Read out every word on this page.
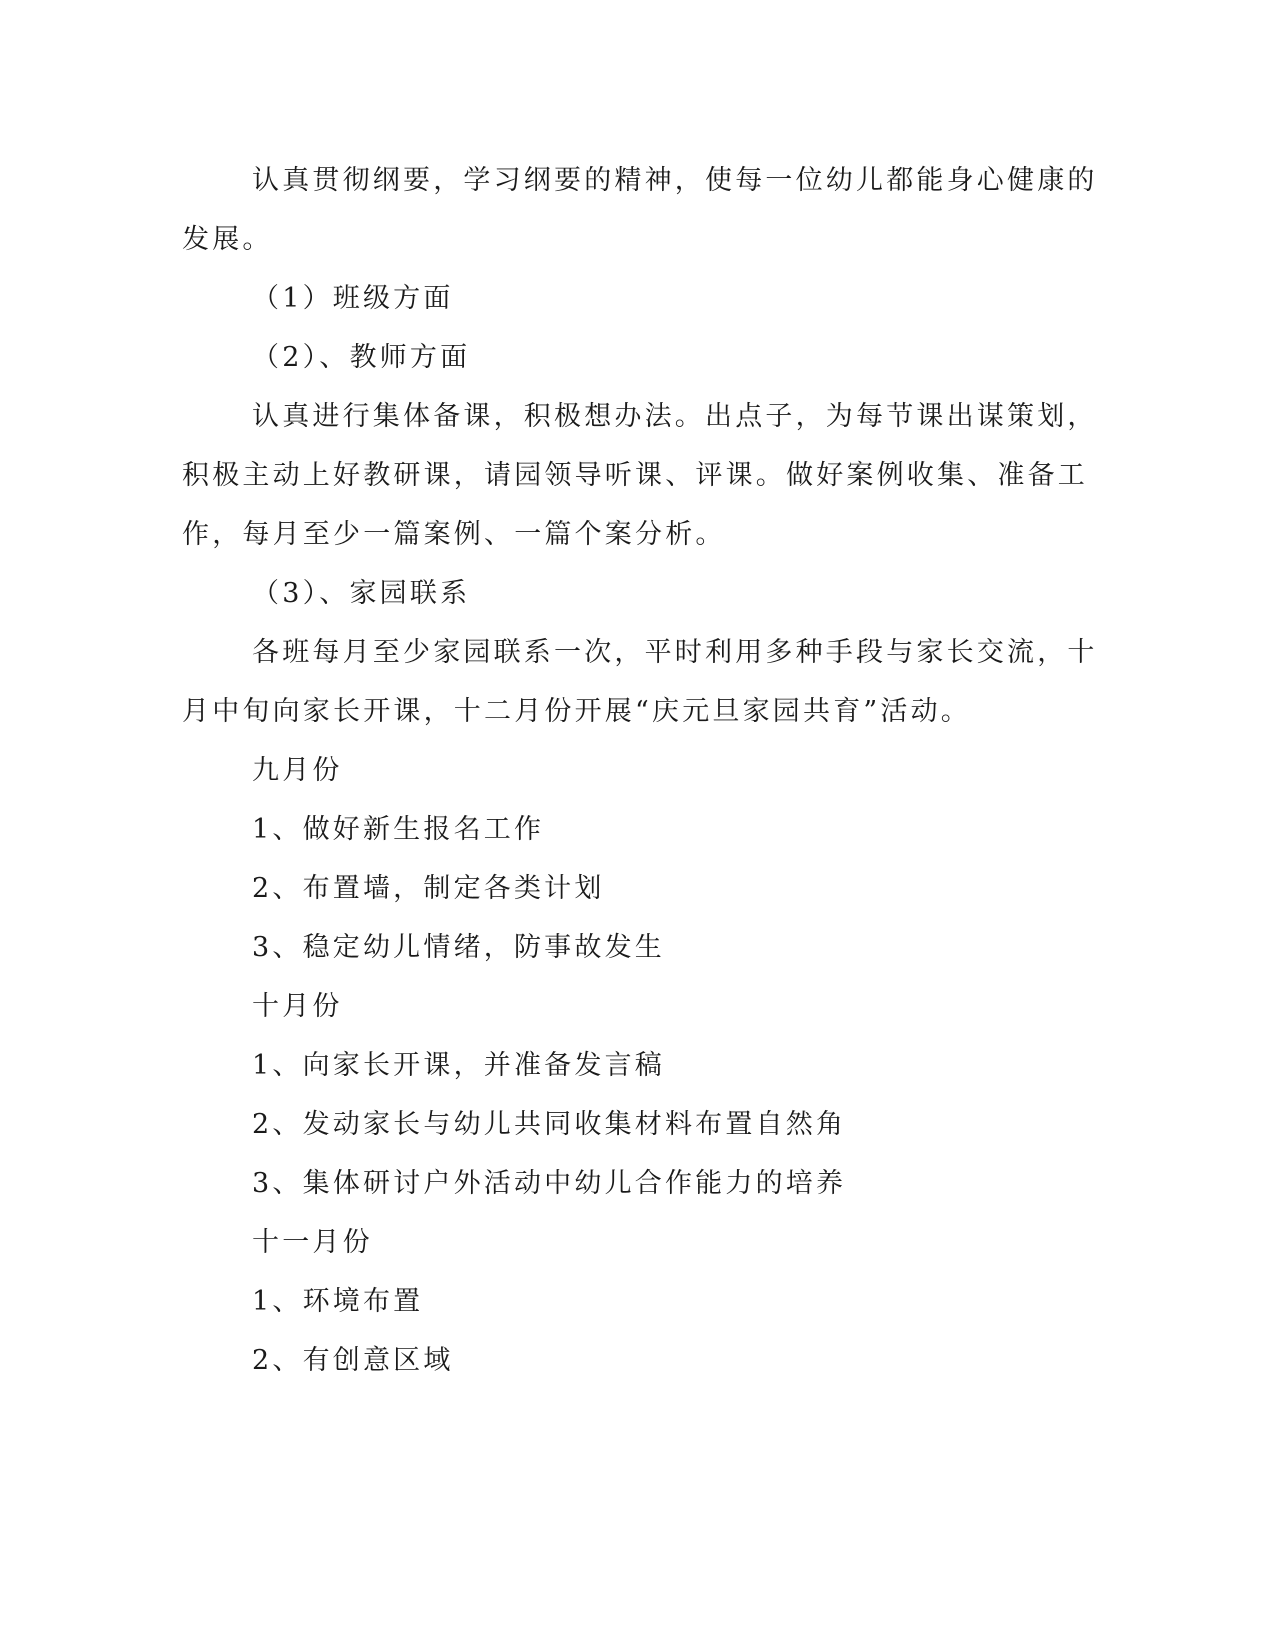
认真贯彻纲要，学习纲要的精神，使每一位幼儿都能身心健康的
发展。
（1）班级方面
（2）、教师方面
认真进行集体备课，积极想办法。出点子，为每节课出谋策划，
积极主动上好教研课，请园领导听课、评课。做好案例收集、准备工
作，每月至少一篇案例、一篇个案分析。
（3）、家园联系
各班每月至少家园联系一次，平时利用多种手段与家长交流，十
月中旬向家长开课，十二月份开展“庆元旦家园共育”活动。
九月份
1、做好新生报名工作
2、布置墙，制定各类计划
3、稳定幼儿情绪，防事故发生
十月份
1、向家长开课，并准备发言稿
2、发动家长与幼儿共同收集材料布置自然角
3、集体研讨户外活动中幼儿合作能力的培养
十一月份
1、环境布置
2、有创意区域
